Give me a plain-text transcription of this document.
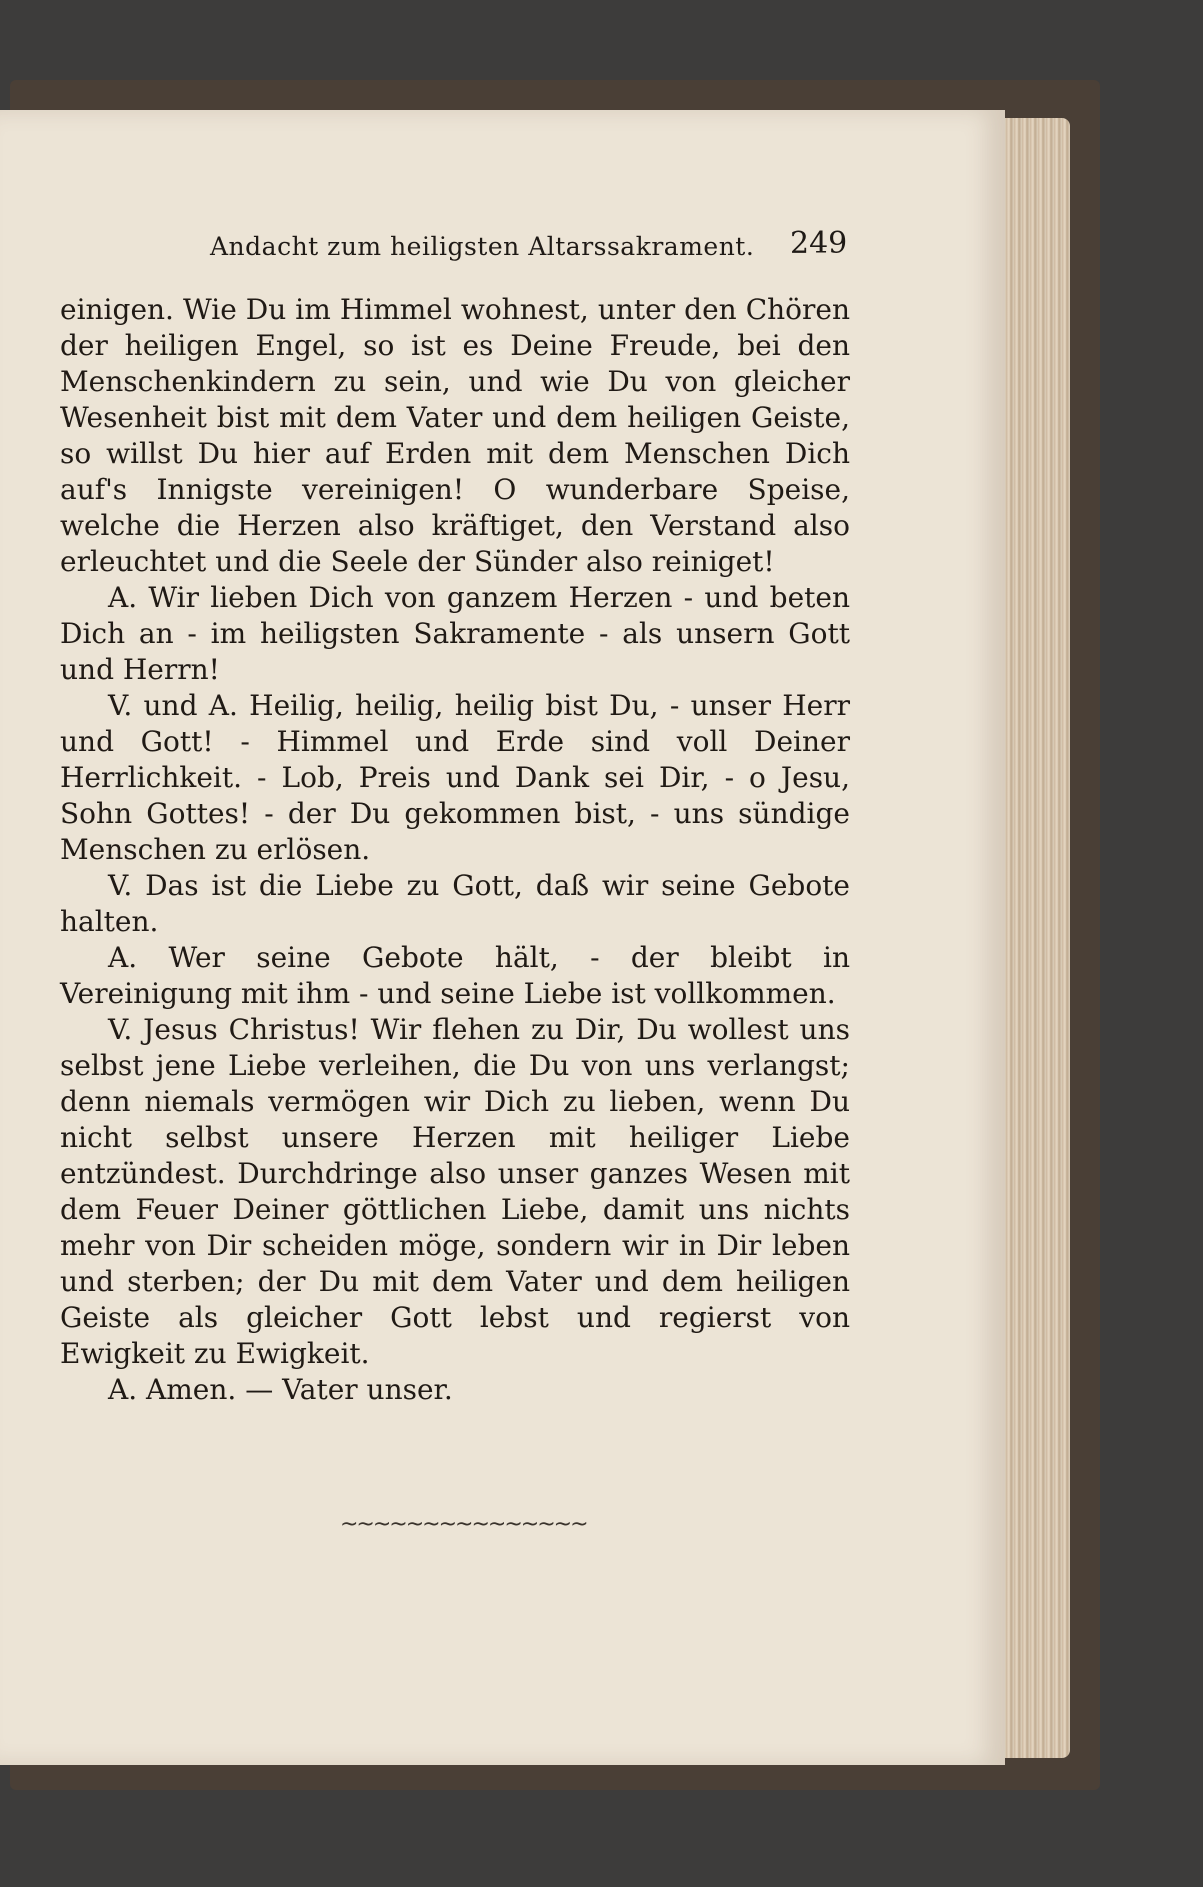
Andacht zum heiligsten Altarssakrament. 249

einigen. Wie Du im Himmel wohnest, unter den Chören der heiligen Engel, so ist es Deine Freude, bei den Menschenkindern zu sein, und wie Du von gleicher Wesenheit bist mit dem Vater und dem heiligen Geiste, so willst Du hier auf Erden mit dem Menschen Dich auf's Innigste vereinigen! O wunderbare Speise, welche die Herzen also kräftiget, den Verstand also erleuchtet und die Seele der Sünder also reiniget!

A. Wir lieben Dich von ganzem Herzen - und beten Dich an - im heiligsten Sakramente - als unsern Gott und Herrn!

V. und A. Heilig, heilig, heilig bist Du, - unser Herr und Gott! - Himmel und Erde sind voll Deiner Herrlichkeit. - Lob, Preis und Dank sei Dir, - o Jesu, Sohn Gottes! - der Du gekommen bist, - uns sündige Menschen zu erlösen.

V. Das ist die Liebe zu Gott, daß wir seine Gebote halten.

A. Wer seine Gebote hält, - der bleibt in Vereinigung mit ihm - und seine Liebe ist vollkommen.

V. Jesus Christus! Wir flehen zu Dir, Du wollest uns selbst jene Liebe verleihen, die Du von uns verlangst; denn niemals vermögen wir Dich zu lieben, wenn Du nicht selbst unsere Herzen mit heiliger Liebe entzündest. Durchdringe also unser ganzes Wesen mit dem Feuer Deiner göttlichen Liebe, damit uns nichts mehr von Dir scheiden möge, sondern wir in Dir leben und sterben; der Du mit dem Vater und dem heiligen Geiste als gleicher Gott lebst und regierst von Ewigkeit zu Ewigkeit.

A. Amen. — Vater unser.

~~~~~~~~~~~~~~~
